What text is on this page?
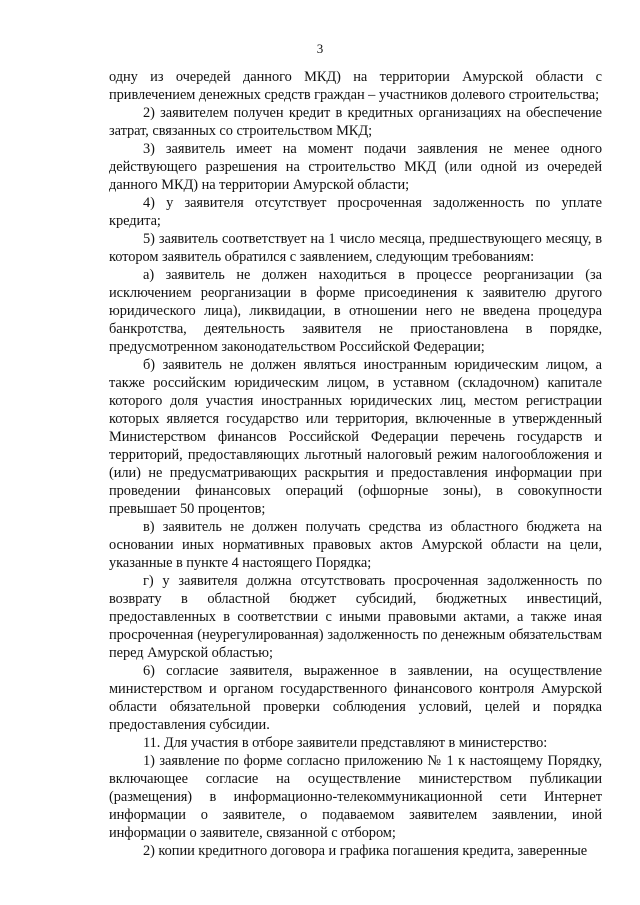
3

одну из очередей данного МКД) на территории Амурской области с привлечением денежных средств граждан – участников долевого строительства;

2) заявителем получен кредит в кредитных организациях на обеспечение затрат, связанных со строительством МКД;

3) заявитель имеет на момент подачи заявления не менее одного действующего разрешения на строительство МКД (или одной из очередей данного МКД) на территории Амурской области;

4) у заявителя отсутствует просроченная задолженность по уплате кредита;

5) заявитель соответствует на 1 число месяца, предшествующего месяцу, в котором заявитель обратился с заявлением, следующим требованиям:

а) заявитель не должен находиться в процессе реорганизации (за исключением реорганизации в форме присоединения к заявителю другого юридического лица), ликвидации, в отношении него не введена процедура банкротства, деятельность заявителя не приостановлена в порядке, предусмотренном законодательством Российской Федерации;

б) заявитель не должен являться иностранным юридическим лицом, а также российским юридическим лицом, в уставном (складочном) капитале которого доля участия иностранных юридических лиц, местом регистрации которых является государство или территория, включенные в утвержденный Министерством финансов Российской Федерации перечень государств и территорий, предоставляющих льготный налоговый режим налогообложения и (или) не предусматривающих раскрытия и предоставления информации при проведении финансовых операций (офшорные зоны), в совокупности превышает 50 процентов;

в) заявитель не должен получать средства из областного бюджета на основании иных нормативных правовых актов Амурской области на цели, указанные в пункте 4 настоящего Порядка;

г) у заявителя должна отсутствовать просроченная задолженность по возврату в областной бюджет субсидий, бюджетных инвестиций, предоставленных в соответствии с иными правовыми актами, а также иная просроченная (неурегулированная) задолженность по денежным обязательствам перед Амурской областью;

6) согласие заявителя, выраженное в заявлении, на осуществление министерством и органом государственного финансового контроля Амурской области обязательной проверки соблюдения условий, целей и порядка предоставления субсидии.

11. Для участия в отборе заявители представляют в министерство:

1) заявление по форме согласно приложению № 1 к настоящему Порядку, включающее согласие на осуществление министерством публикации (размещения) в информационно-телекоммуникационной сети Интернет информации о заявителе, о подаваемом заявителем заявлении, иной информации о заявителе, связанной с отбором;

2) копии кредитного договора и графика погашения кредита, заверенные
